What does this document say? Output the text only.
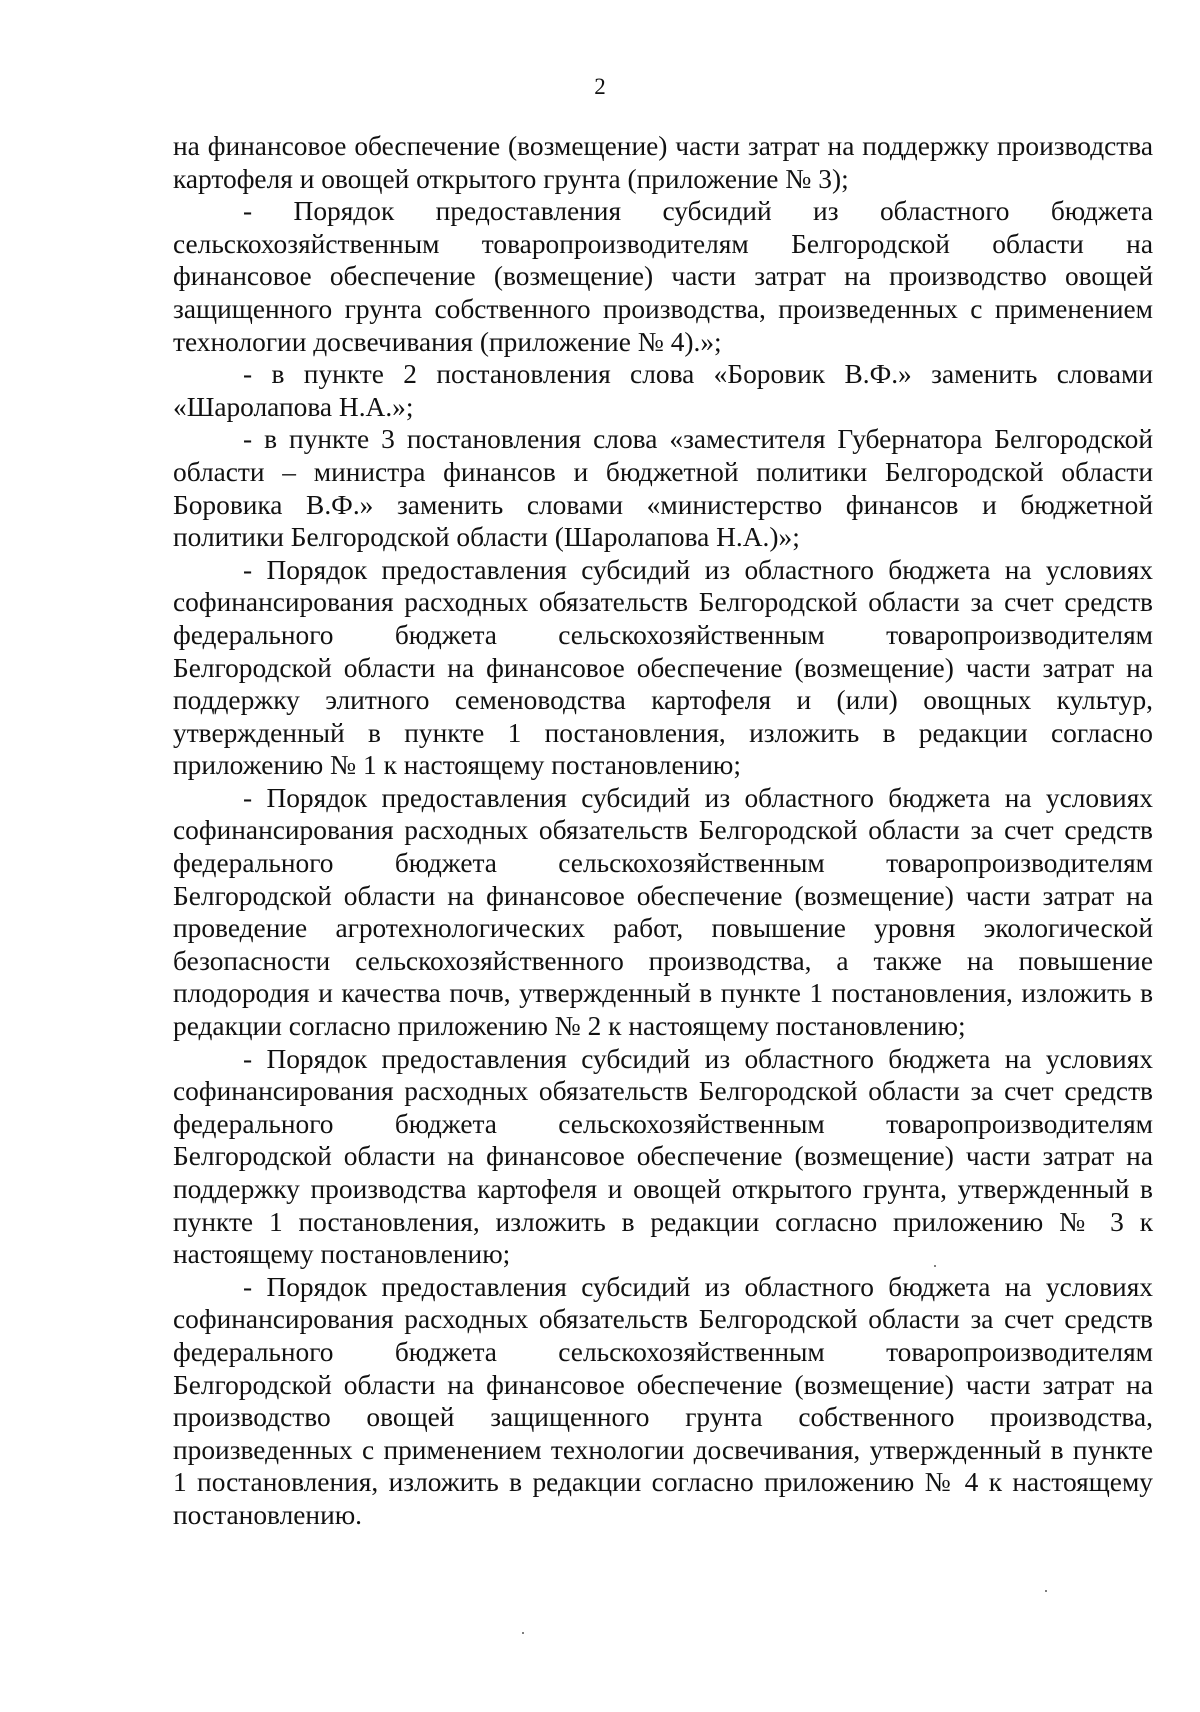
2

на финансовое обеспечение (возмещение) части затрат на поддержку производства картофеля и овощей открытого грунта (приложение № 3);

- Порядок предоставления субсидий из областного бюджета сельскохозяйственным товаропроизводителям Белгородской области на финансовое обеспечение (возмещение) части затрат на производство овощей защищенного грунта собственного производства, произведенных с применением технологии досвечивания (приложение № 4).»;

- в пункте 2 постановления слова «Боровик В.Ф.» заменить словами «Шаролапова Н.А.»;

- в пункте 3 постановления слова «заместителя Губернатора Белгородской области – министра финансов и бюджетной политики Белгородской области Боровика В.Ф.» заменить словами «министерство финансов и бюджетной политики Белгородской области (Шаролапова Н.А.)»;

- Порядок предоставления субсидий из областного бюджета на условиях софинансирования расходных обязательств Белгородской области за счет средств федерального бюджета сельскохозяйственным товаропроизводителям Белгородской области на финансовое обеспечение (возмещение) части затрат на поддержку элитного семеноводства картофеля и (или) овощных культур, утвержденный в пункте 1 постановления, изложить в редакции согласно приложению № 1 к настоящему постановлению;

- Порядок предоставления субсидий из областного бюджета на условиях софинансирования расходных обязательств Белгородской области за счет средств федерального бюджета сельскохозяйственным товаропроизводителям Белгородской области на финансовое обеспечение (возмещение) части затрат на проведение агротехнологических работ, повышение уровня экологической безопасности сельскохозяйственного производства, а также на повышение плодородия и качества почв, утвержденный в пункте 1 постановления, изложить в редакции согласно приложению № 2 к настоящему постановлению;

- Порядок предоставления субсидий из областного бюджета на условиях софинансирования расходных обязательств Белгородской области за счет средств федерального бюджета сельскохозяйственным товаропроизводителям Белгородской области на финансовое обеспечение (возмещение) части затрат на поддержку производства картофеля и овощей открытого грунта, утвержденный в пункте 1 постановления, изложить в редакции согласно приложению № 3 к настоящему постановлению;

- Порядок предоставления субсидий из областного бюджета на условиях софинансирования расходных обязательств Белгородской области за счет средств федерального бюджета сельскохозяйственным товаропроизводителям Белгородской области на финансовое обеспечение (возмещение) части затрат на производство овощей защищенного грунта собственного производства, произведенных с применением технологии досвечивания, утвержденный в пункте 1 постановления, изложить в редакции согласно приложению № 4 к настоящему постановлению.
